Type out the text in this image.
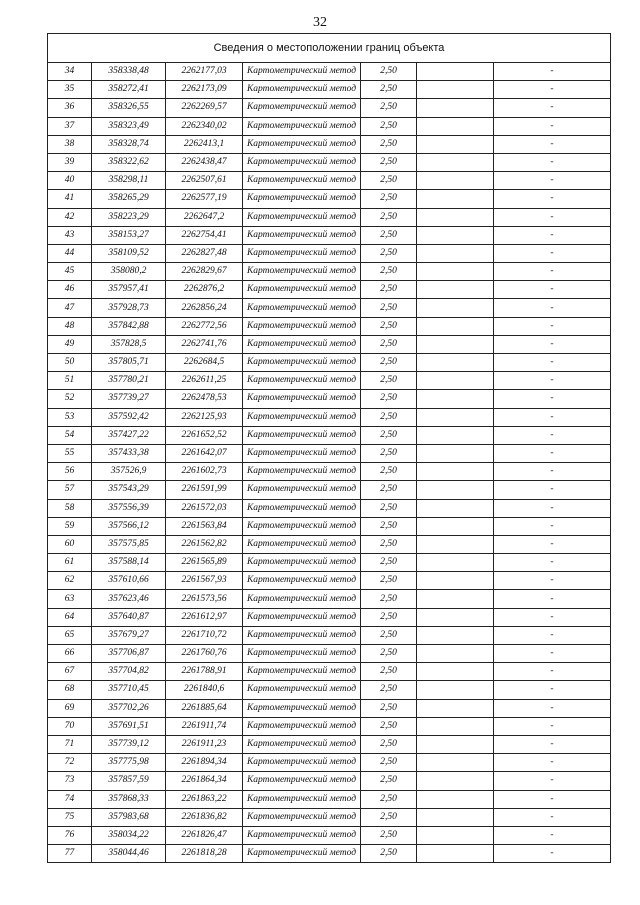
32
Сведения о местоположении границ объекта						
34	358338,48	2262177,03	Картометрический метод	2,50		-
35	358272,41	2262173,09	Картометрический метод	2,50		-
36	358326,55	2262269,57	Картометрический метод	2,50		-
37	358323,49	2262340,02	Картометрический метод	2,50		-
38	358328,74	2262413,1	Картометрический метод	2,50		-
39	358322,62	2262438,47	Картометрический метод	2,50		-
40	358298,11	2262507,61	Картометрический метод	2,50		-
41	358265,29	2262577,19	Картометрический метод	2,50		-
42	358223,29	2262647,2	Картометрический метод	2,50		-
43	358153,27	2262754,41	Картометрический метод	2,50		-
44	358109,52	2262827,48	Картометрический метод	2,50		-
45	358080,2	2262829,67	Картометрический метод	2,50		-
46	357957,41	2262876,2	Картометрический метод	2,50		-
47	357928,73	2262856,24	Картометрический метод	2,50		-
48	357842,88	2262772,56	Картометрический метод	2,50		-
49	357828,5	2262741,76	Картометрический метод	2,50		-
50	357805,71	2262684,5	Картометрический метод	2,50		-
51	357780,21	2262611,25	Картометрический метод	2,50		-
52	357739,27	2262478,53	Картометрический метод	2,50		-
53	357592,42	2262125,93	Картометрический метод	2,50		-
54	357427,22	2261652,52	Картометрический метод	2,50		-
55	357433,38	2261642,07	Картометрический метод	2,50		-
56	357526,9	2261602,73	Картометрический метод	2,50		-
57	357543,29	2261591,99	Картометрический метод	2,50		-
58	357556,39	2261572,03	Картометрический метод	2,50		-
59	357566,12	2261563,84	Картометрический метод	2,50		-
60	357575,85	2261562,82	Картометрический метод	2,50		-
61	357588,14	2261565,89	Картометрический метод	2,50		-
62	357610,66	2261567,93	Картометрический метод	2,50		-
63	357623,46	2261573,56	Картометрический метод	2,50		-
64	357640,87	2261612,97	Картометрический метод	2,50		-
65	357679,27	2261710,72	Картометрический метод	2,50		-
66	357706,87	2261760,76	Картометрический метод	2,50		-
67	357704,82	2261788,91	Картометрический метод	2,50		-
68	357710,45	2261840,6	Картометрический метод	2,50		-
69	357702,26	2261885,64	Картометрический метод	2,50		-
70	357691,51	2261911,74	Картометрический метод	2,50		-
71	357739,12	2261911,23	Картометрический метод	2,50		-
72	357775,98	2261894,34	Картометрический метод	2,50		-
73	357857,59	2261864,34	Картометрический метод	2,50		-
74	357868,33	2261863,22	Картометрический метод	2,50		-
75	357983,68	2261836,82	Картометрический метод	2,50		-
76	358034,22	2261826,47	Картометрический метод	2,50		-
77	358044,46	2261818,28	Картометрический метод	2,50		-
